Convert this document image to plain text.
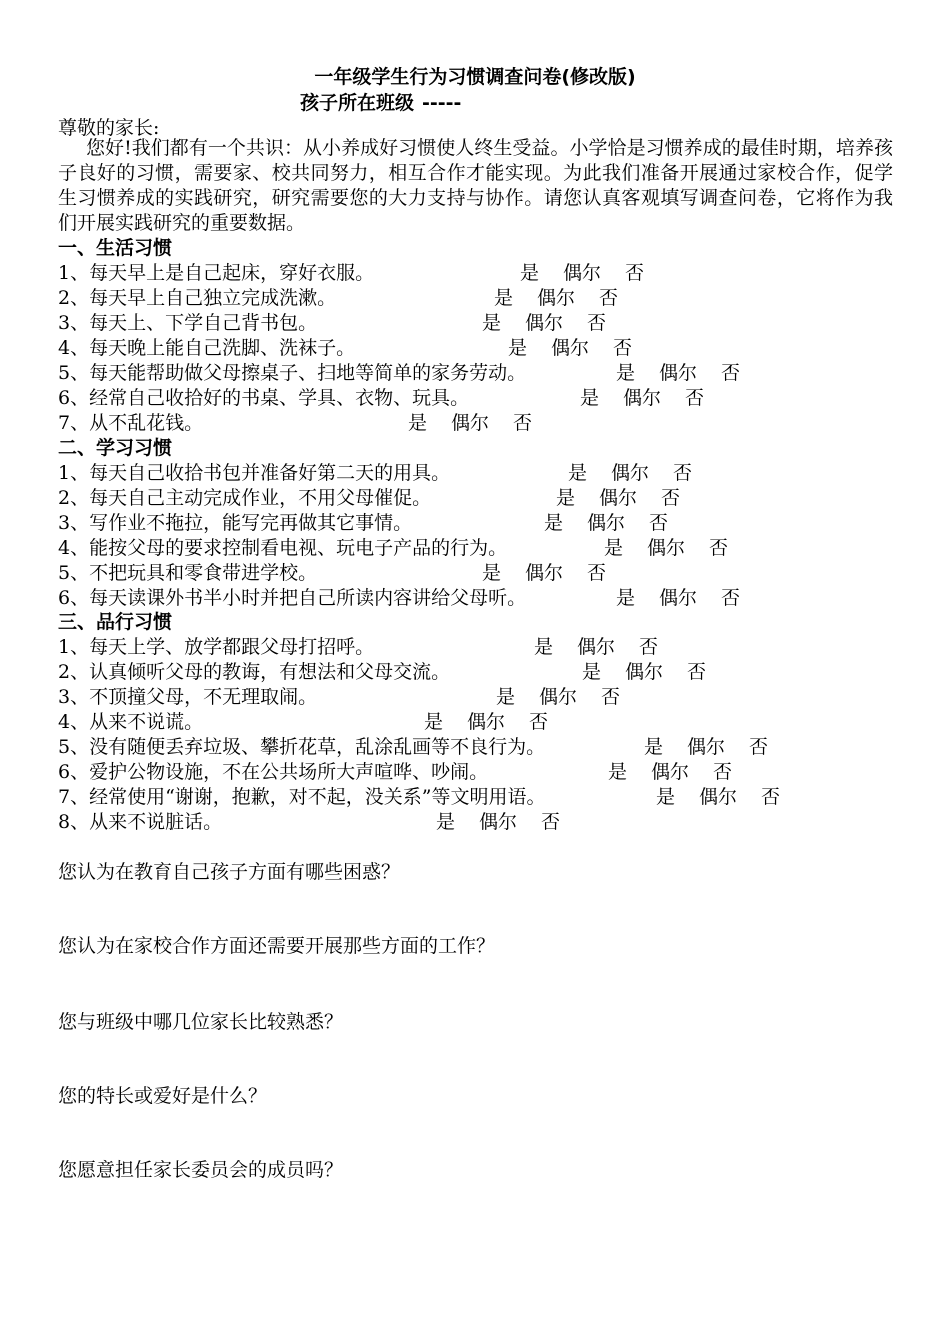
一年级学生行为习惯调查问卷(修改版)
孩子所在班级 -----
尊敬的家长:
您好!我们都有一个共识：从小养成好习惯使人终生受益。小学恰是习惯养成的最佳时期，培养孩子良好的习惯，需要家、校共同努力，相互合作才能实现。为此我们准备开展通过家校合作，促学生习惯养成的实践研究，研究需要您的大力支持与协作。请您认真客观填写调查问卷，它将作为我们开展实践研究的重要数据。
一、生活习惯
1、每天早上是自己起床，穿好衣服。	是 偶尔 否
2、每天早上自己独立完成洗漱。	是 偶尔 否
3、每天上、下学自己背书包。	是 偶尔 否
4、每天晚上能自己洗脚、洗袜子。	是 偶尔 否
5、每天能帮助做父母擦桌子、扫地等简单的家务劳动。	是 偶尔 否
6、经常自己收拾好的书桌、学具、衣物、玩具。	是 偶尔 否
7、从不乱花钱。	是 偶尔 否
二、学习习惯
1、每天自己收拾书包并准备好第二天的用具。	是 偶尔 否
2、每天自己主动完成作业，不用父母催促。	是 偶尔 否
3、写作业不拖拉，能写完再做其它事情。	是 偶尔 否
4、能按父母的要求控制看电视、玩电子产品的行为。	是 偶尔 否
5、不把玩具和零食带进学校。	是 偶尔 否
6、每天读课外书半小时并把自己所读内容讲给父母听。	是 偶尔 否
三、品行习惯
1、每天上学、放学都跟父母打招呼。	是 偶尔 否
2、认真倾听父母的教诲，有想法和父母交流。	是 偶尔 否
3、不顶撞父母，不无理取闹。	是 偶尔 否
4、从来不说谎。	是 偶尔 否
5、没有随便丢弃垃圾、攀折花草，乱涂乱画等不良行为。	是 偶尔 否
6、爱护公物设施，不在公共场所大声喧哗、吵闹。	是 偶尔 否
7、经常使用“谢谢，抱歉，对不起，没关系”等文明用语。	是 偶尔 否
8、从来不说脏话。	是 偶尔 否
您认为在教育自己孩子方面有哪些困惑？
您认为在家校合作方面还需要开展那些方面的工作？
您与班级中哪几位家长比较熟悉？
您的特长或爱好是什么？
您愿意担任家长委员会的成员吗？
